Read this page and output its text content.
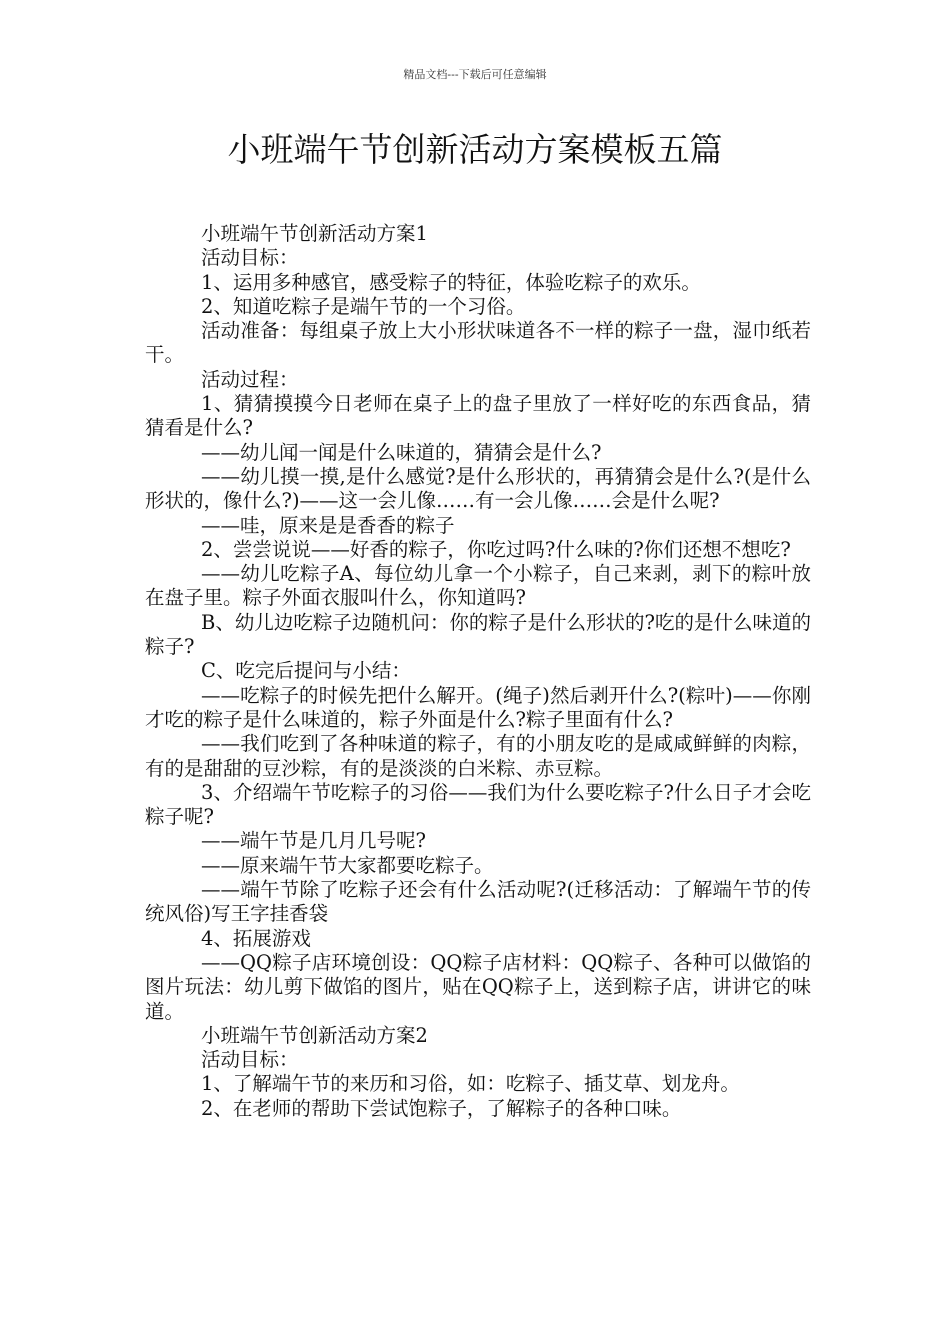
精品文档---下载后可任意编辑
小班端午节创新活动方案模板五篇

小班端午节创新活动方案1

活动目标：

1、运用多种感官，感受粽子的特征，体验吃粽子的欢乐。

2、知道吃粽子是端午节的一个习俗。

活动准备：每组桌子放上大小形状味道各不一样的粽子一盘，湿巾纸若干。

活动过程：

1、猜猜摸摸今日老师在桌子上的盘子里放了一样好吃的东西食品，猜猜看是什么?

——幼儿闻一闻是什么味道的，猜猜会是什么?

——幼儿摸一摸,是什么感觉?是什么形状的，再猜猜会是什么?(是什么形状的，像什么?)——这一会儿像……有一会儿像……会是什么呢?

——哇，原来是是香香的粽子

2、尝尝说说——好香的粽子，你吃过吗?什么味的?你们还想不想吃?

——幼儿吃粽子A、每位幼儿拿一个小粽子，自己来剥，剥下的粽叶放在盘子里。粽子外面衣服叫什么，你知道吗?

B、幼儿边吃粽子边随机问：你的粽子是什么形状的?吃的是什么味道的粽子?

C、吃完后提问与小结：

——吃粽子的时候先把什么解开。(绳子)然后剥开什么?(粽叶)——你刚才吃的粽子是什么味道的，粽子外面是什么?粽子里面有什么?

——我们吃到了各种味道的粽子，有的小朋友吃的是咸咸鲜鲜的肉粽，有的是甜甜的豆沙粽，有的是淡淡的白米粽、赤豆粽。

3、介绍端午节吃粽子的习俗——我们为什么要吃粽子?什么日子才会吃粽子呢?

——端午节是几月几号呢?

——原来端午节大家都要吃粽子。

——端午节除了吃粽子还会有什么活动呢?(迁移活动：了解端午节的传统风俗)写王字挂香袋

4、拓展游戏

——QQ粽子店环境创设：QQ粽子店材料：QQ粽子、各种可以做馅的图片玩法：幼儿剪下做馅的图片，贴在QQ粽子上，送到粽子店，讲讲它的味道。

小班端午节创新活动方案2

活动目标：

1、了解端午节的来历和习俗，如：吃粽子、插艾草、划龙舟。

2、在老师的帮助下尝试饱粽子，了解粽子的各种口味。
